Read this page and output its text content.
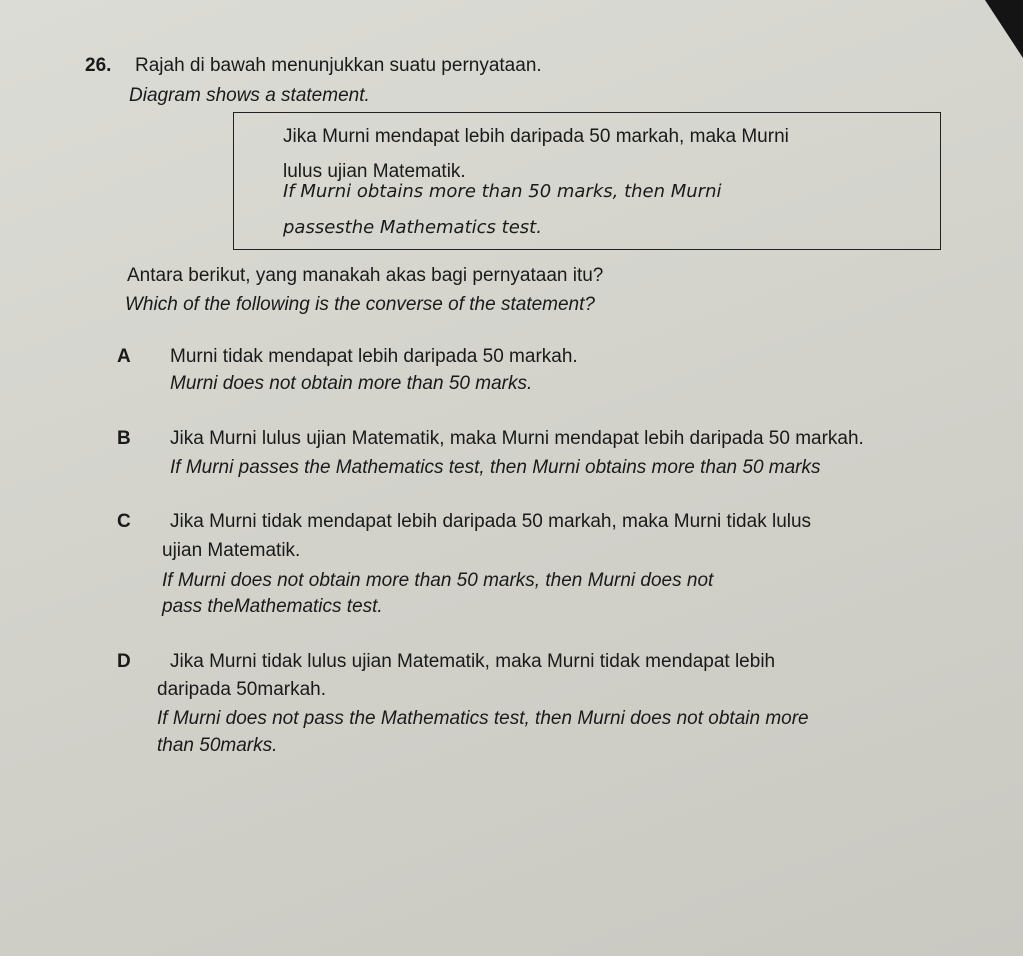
26. Rajah di bawah menunjukkan suatu pernyataan.
Diagram shows a statement.
Jika Murni mendapat lebih daripada 50 markah, maka Murni
lulus ujian Matematik.
If Murni obtains more than 50 marks, then Murni
passesthe Mathematics test.
Antara berikut, yang manakah akas bagi pernyataan itu?
Which of the following is the converse of the statement?
A Murni tidak mendapat lebih daripada 50 markah.
Murni does not obtain more than 50 marks.
B Jika Murni lulus ujian Matematik, maka Murni mendapat lebih daripada 50 markah.
If Murni passes the Mathematics test, then Murni obtains more than 50 marks
C Jika Murni tidak mendapat lebih daripada 50 markah, maka Murni tidak lulus
ujian Matematik.
If Murni does not obtain more than 50 marks, then Murni does not
pass theMathematics test.
D Jika Murni tidak lulus ujian Matematik, maka Murni tidak mendapat lebih
daripada 50markah.
If Murni does not pass the Mathematics test, then Murni does not obtain more
than 50marks.
